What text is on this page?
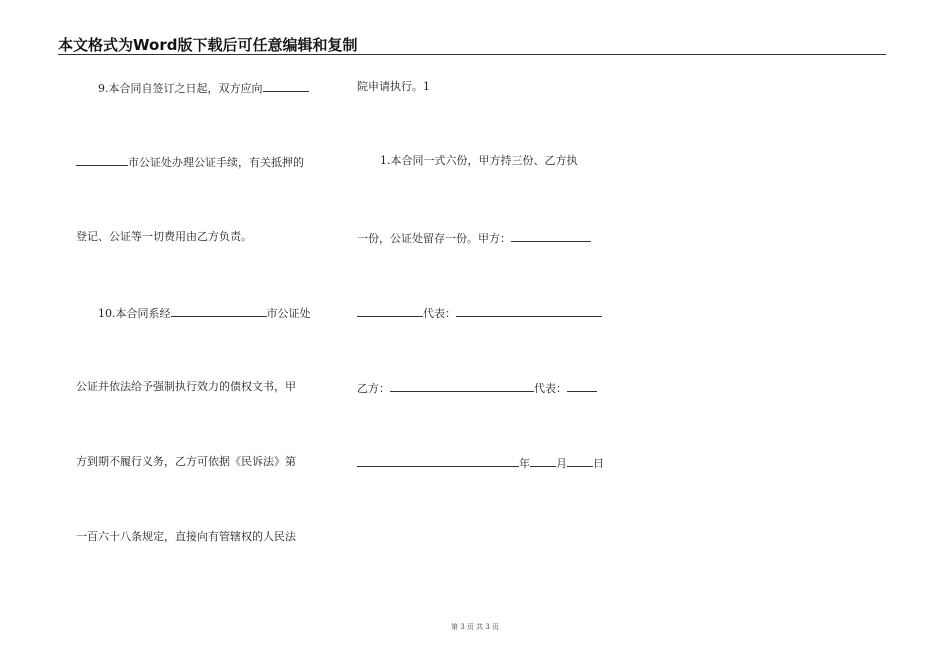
本文格式为Word版下载后可任意编辑和复制
9.本合同自签订之日起，双方应向
市公证处办理公证手续，有关抵押的
登记、公证等一切费用由乙方负责。
10.本合同系经	市公证处
公证并依法给予强制执行效力的债权文书，甲
方到期不履行义务，乙方可依据《民诉法》第
一百六十八条规定，直接向有管辖权的人民法
院申请执行。1
1.本合同一式六份，甲方持三份、乙方执
一份，公证处留存一份。甲方：
代表：
乙方：	代表：
年 月 日
第 3 页 共 3 页
